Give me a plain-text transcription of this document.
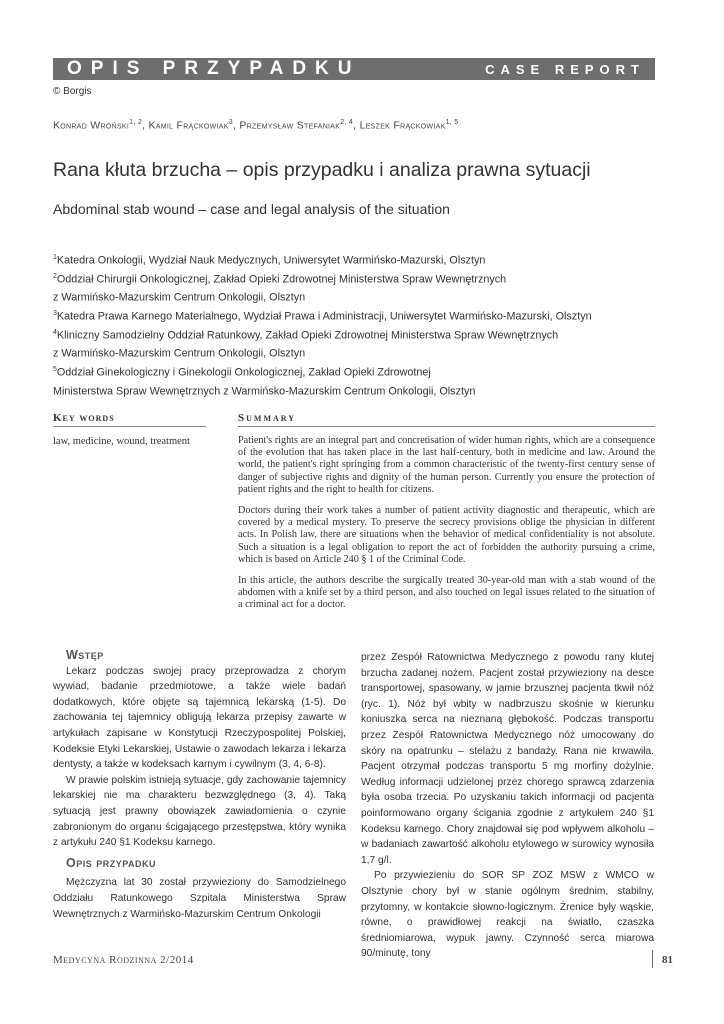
OPIS PRZYPADKU	CASE REPORT
© Borgis
Konrad Wroński$^{1, 2}$, Kamil Frąckowiak$^3$, Przemysław Stefaniak$^{2, 4}$, Leszek Frąckowiak$^{1, 5}$
Rana kłuta brzucha – opis przypadku i analiza prawna sytuacji
Abdominal stab wound – case and legal analysis of the situation
$^1$Katedra Onkologii, Wydział Nauk Medycznych, Uniwersytet Warmińsko-Mazurski, Olsztyn
$^2$Oddział Chirurgii Onkologicznej, Zakład Opieki Zdrowotnej Ministerstwa Spraw Wewnętrznych
z Warmińsko-Mazurskim Centrum Onkologii, Olsztyn
$^3$Katedra Prawa Karnego Materialnego, Wydział Prawa i Administracji, Uniwersytet Warmińsko-Mazurski, Olsztyn
$^4$Kliniczny Samodzielny Oddział Ratunkowy, Zakład Opieki Zdrowotnej Ministerstwa Spraw Wewnętrznych
z Warmińsko-Mazurskim Centrum Onkologii, Olsztyn
$^5$Oddział Ginekologiczny i Ginekologii Onkologicznej, Zakład Opieki Zdrowotnej
Ministerstwa Spraw Wewnętrznych z Warmińsko-Mazurskim Centrum Onkologii, Olsztyn
Key words
law, medicine, wound, treatment
Summary

Patient's rights are an integral part and concretisation of wider human rights, which are a consequence of the evolution that has taken place in the last half-century, both in medicine and law. Around the world, the patient's right springing from a common characteristic of the twenty-first century sense of danger of subjective rights and dignity of the human person. Currently you ensure the protection of patient rights and the right to health for citizens.

Doctors during their work takes a number of patient activity diagnostic and therapeutic, which are covered by a medical mystery. To preserve the secrecy provisions oblige the physician in different acts. In Polish law, there are situations when the behavior of medical confidentiality is not absolute. Such a situation is a legal obligation to report the act of forbidden the authority pursuing a crime, which is based on Article 240 § 1 of the Criminal Code.

In this article, the authors describe the surgically treated 30-year-old man with a stab wound of the abdomen with a knife set by a third person, and also touched on legal issues related to the situation of a criminal act for a doctor.

Wstęp

Lekarz podczas swojej pracy przeprowadza z chorym wywiad, badanie przedmiotowe, a także wiele badań dodatkowych, które objęte są tajemnicą lekarską (1-5). Do zachowania tej tajemnicy obligują lekarza przepisy zawarte w artykułach zapisane w Konstytucji Rzeczypospolitej Polskiej, Kodeksie Etyki Lekarskiej, Ustawie o zawodach lekarza i lekarza dentysty, a także w kodeksach karnym i cywilnym (3, 4, 6-8).

W prawie polskim istnieją sytuacje, gdy zachowanie tajemnicy lekarskiej nie ma charakteru bezwzględnego (3, 4). Taką sytuacją jest prawny obowiązek zawiadomienia o czynie zabronionym do organu ścigającego przestępstwa, który wynika z artykułu 240 §1 Kodeksu karnego.

Opis przypadku

Mężczyzna lat 30 został przywieziony do Samodzielnego Oddziału Ratunkowego Szpitala Ministerstwa Spraw Wewnętrznych z Warmińsko-Mazurskim Centrum Onkologii

przez Zespół Ratownictwa Medycznego z powodu rany kłutej brzucha zadanej nożem. Pacjent został przywieziony na desce transportowej, spasowany, w jamie brzusznej pacjenta tkwił nóż (ryc. 1). Nóż był wbity w nadbrzuszu skośnie w kierunku koniuszka serca na nieznaną głębokość. Podczas transportu przez Zespół Ratownictwa Medycznego nóż umocowany do skóry na opatrunku – stelażu z bandaży. Rana nie krwawiła. Pacjent otrzymał podczas transportu 5 mg morfiny dożylnie. Według informacji udzielonej przez chorego sprawcą zdarzenia była osoba trzecia. Po uzyskaniu takich informacji od pacjenta poinformowano organy ścigania zgodnie z artykułem 240 §1 Kodeksu karnego. Chory znajdował się pod wpływem alkoholu – w badaniach zawartość alkoholu etylowego w surowicy wynosiła 1,7 g/l.

Po przywiezieniu do SOR SP ZOZ MSW z WMCO w Olsztynie chory był w stanie ogólnym średnim, stabilny, przytomny, w kontakcie słowno-logicznym. Źrenice były wąskie, równe, o prawidłowej reakcji na światło, czaszka średniomiarowa, wypuk jawny. Czynność serca miarowa 90/minutę, tony

Medycyna Rodzinna 2/2014	81
